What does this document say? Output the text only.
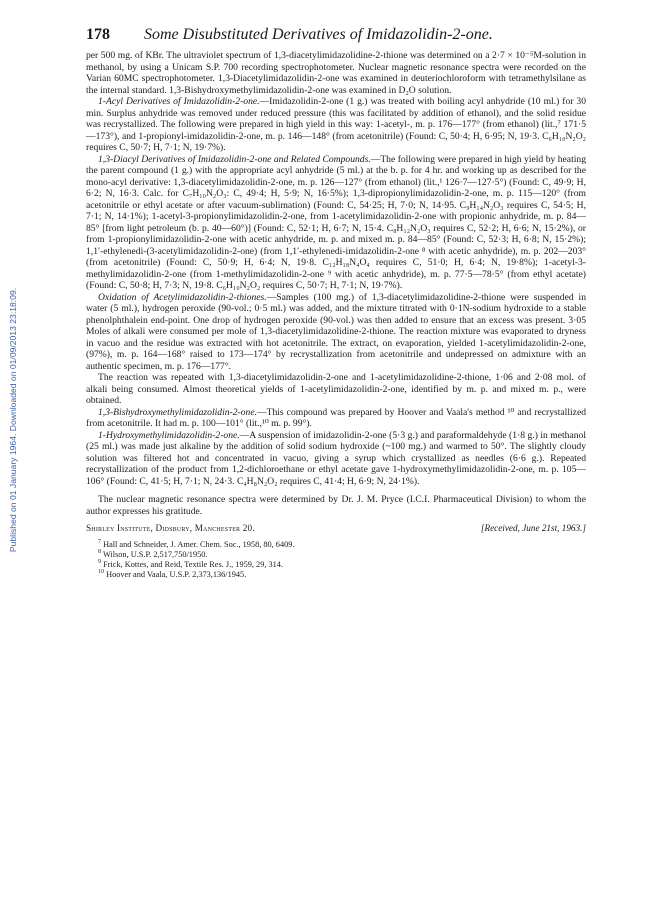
Published on 01 January 1964. Downloaded on 01/09/2013 23:18:09.
178	Some Disubstituted Derivatives of Imidazolidin-2-one.

per 500 mg. of KBr. The ultraviolet spectrum of 1,3-diacetylimidazolidine-2-thione was determined on a 2·7 × 10⁻⁵M-solution in methanol, by using a Unicam S.P. 700 recording spectrophotometer. Nuclear magnetic resonance spectra were recorded on the Varian 60MC spectrophotometer. 1,3-Diacetylimidazolidin-2-one was examined in deuteriochloroform with tetramethylsilane as the internal standard. 1,3-Bishydroxymethylimidazolidin-2-one was examined in D₂O solution.

1-Acyl Derivatives of Imidazolidin-2-one.—Imidazolidin-2-one (1 g.) was treated with boiling acyl anhydride (10 ml.) for 30 min. Surplus anhydride was removed under reduced pressure (this was facilitated by addition of ethanol), and the solid residue was recrystallized. The following were prepared in high yield in this way: 1-acetyl-, m. p. 176—177° (from ethanol) (lit.,⁷ 171·5—173°), and 1-propionyl-imidazolidin-2-one, m. p. 146—148° (from acetonitrile) (Found: C, 50·4; H, 6·95; N, 19·3. C₆H₁₀N₂O₂ requires C, 50·7; H, 7·1; N, 19·7%).

1,3-Diacyl Derivatives of Imidazolidin-2-one and Related Compounds.—The following were prepared in high yield by heating the parent compound (1 g.) with the appropriate acyl anhydride (5 ml.) at the b. p. for 4 hr. and working up as described for the mono-acyl derivative: 1,3-diacetylimidazolidin-2-one, m. p. 126—127° (from ethanol) (lit.,¹ 126·7—127·5°) (Found: C, 49·9; H, 6·2; N, 16·3. Calc. for C₇H₁₀N₂O₃: C, 49·4; H, 5·9; N, 16·5%); 1,3-dipropionylimidazolidin-2-one, m. p. 115—120° (from acetonitrile or ethyl acetate or after vacuum-sublimation) (Found: C, 54·25; H, 7·0; N, 14·95. C₉H₁₄N₂O₃ requires C, 54·5; H, 7·1; N, 14·1%); 1-acetyl-3-propionylimidazolidin-2-one, from 1-acetylimidazolidin-2-one with propionic anhydride, m. p. 84—85° [from light petroleum (b. p. 40—60°)] (Found: C, 52·1; H, 6·7; N, 15·4. C₈H₁₂N₂O₃ requires C, 52·2; H, 6·6; N, 15·2%), or from 1-propionylimidazolidin-2-one with acetic anhydride, m. p. and mixed m. p. 84—85° (Found: C, 52·3; H, 6·8; N, 15·2%); 1,1′-ethylenedi-(3-acetylimidazolidin-2-one) (from 1,1′-ethylenedi-imidazolidin-2-one ⁸ with acetic anhydride), m. p. 202—203° (from acetonitrile) (Found: C, 50·9; H, 6·4; N, 19·8. C₁₂H₁₈N₄O₄ requires C, 51·0; H, 6·4; N, 19·8%); 1-acetyl-3-methylimidazolidin-2-one (from 1-methylimidazolidin-2-one ⁹ with acetic anhydride), m. p. 77·5—78·5° (from ethyl acetate) (Found: C, 50·8; H, 7·3; N, 19·8. C₆H₁₀N₂O₂ requires C, 50·7; H, 7·1; N, 19·7%).

Oxidation of Acetylimidazolidin-2-thiones.—Samples (100 mg.) of 1,3-diacetylimidazolidine-2-thione were suspended in water (5 ml.), hydrogen peroxide (90-vol.; 0·5 ml.) was added, and the mixture titrated with 0·1N-sodium hydroxide to a stable phenolphthalein end-point. One drop of hydrogen peroxide (90-vol.) was then added to ensure that an excess was present. 3·05 Moles of alkali were consumed per mole of 1,3-diacetylimidazolidine-2-thione. The reaction mixture was evaporated to dryness in vacuo and the residue was extracted with hot acetonitrile. The extract, on evaporation, yielded 1-acetylimidazolidin-2-one, (97%), m. p. 164—168° raised to 173—174° by recrystallization from acetonitrile and undepressed on admixture with an authentic specimen, m. p. 176—177°.

The reaction was repeated with 1,3-diacetylimidazolidin-2-one and 1-acetylimidazolidine-2-thione, 1·06 and 2·08 mol. of alkali being consumed. Almost theoretical yields of 1-acetylimidazolidin-2-one, identified by m. p. and mixed m. p., were obtained.

1,3-Bishydroxymethylimidazolidin-2-one.—This compound was prepared by Hoover and Vaala's method ¹⁰ and recrystallized from acetonitrile. It had m. p. 100—101° (lit.,¹⁰ m. p. 99°).

1-Hydroxymethylimidazolidin-2-one.—A suspension of imidazolidin-2-one (5·3 g.) and paraformaldehyde (1·8 g.) in methanol (25 ml.) was made just alkaline by the addition of solid sodium hydroxide (~100 mg.) and warmed to 50°. The slightly cloudy solution was filtered hot and concentrated in vacuo, giving a syrup which crystallized as needles (6·6 g.). Repeated recrystallization of the product from 1,2-dichloroethane or ethyl acetate gave 1-hydroxymethylimidazolidin-2-one, m. p. 105—106° (Found: C, 41·5; H, 7·1; N, 24·3. C₄H₈N₂O₂ requires C, 41·4; H, 6·9; N, 24·1%).

The nuclear magnetic resonance spectra were determined by Dr. J. M. Pryce (I.C.I. Pharmaceutical Division) to whom the author expresses his gratitude.

Shirley Institute, Didsbury, Manchester 20.	[Received, June 21st, 1963.]
$^7$ Hall and Schneider, J. Amer. Chem. Soc., 1958, 80, 6409.
$^8$ Wilson, U.S.P. 2,517,750/1950.
$^9$ Frick, Kottes, and Reid, Textile Res. J., 1959, 29, 314.
$^{10}$ Hoover and Vaala, U.S.P. 2,373,136/1945.
